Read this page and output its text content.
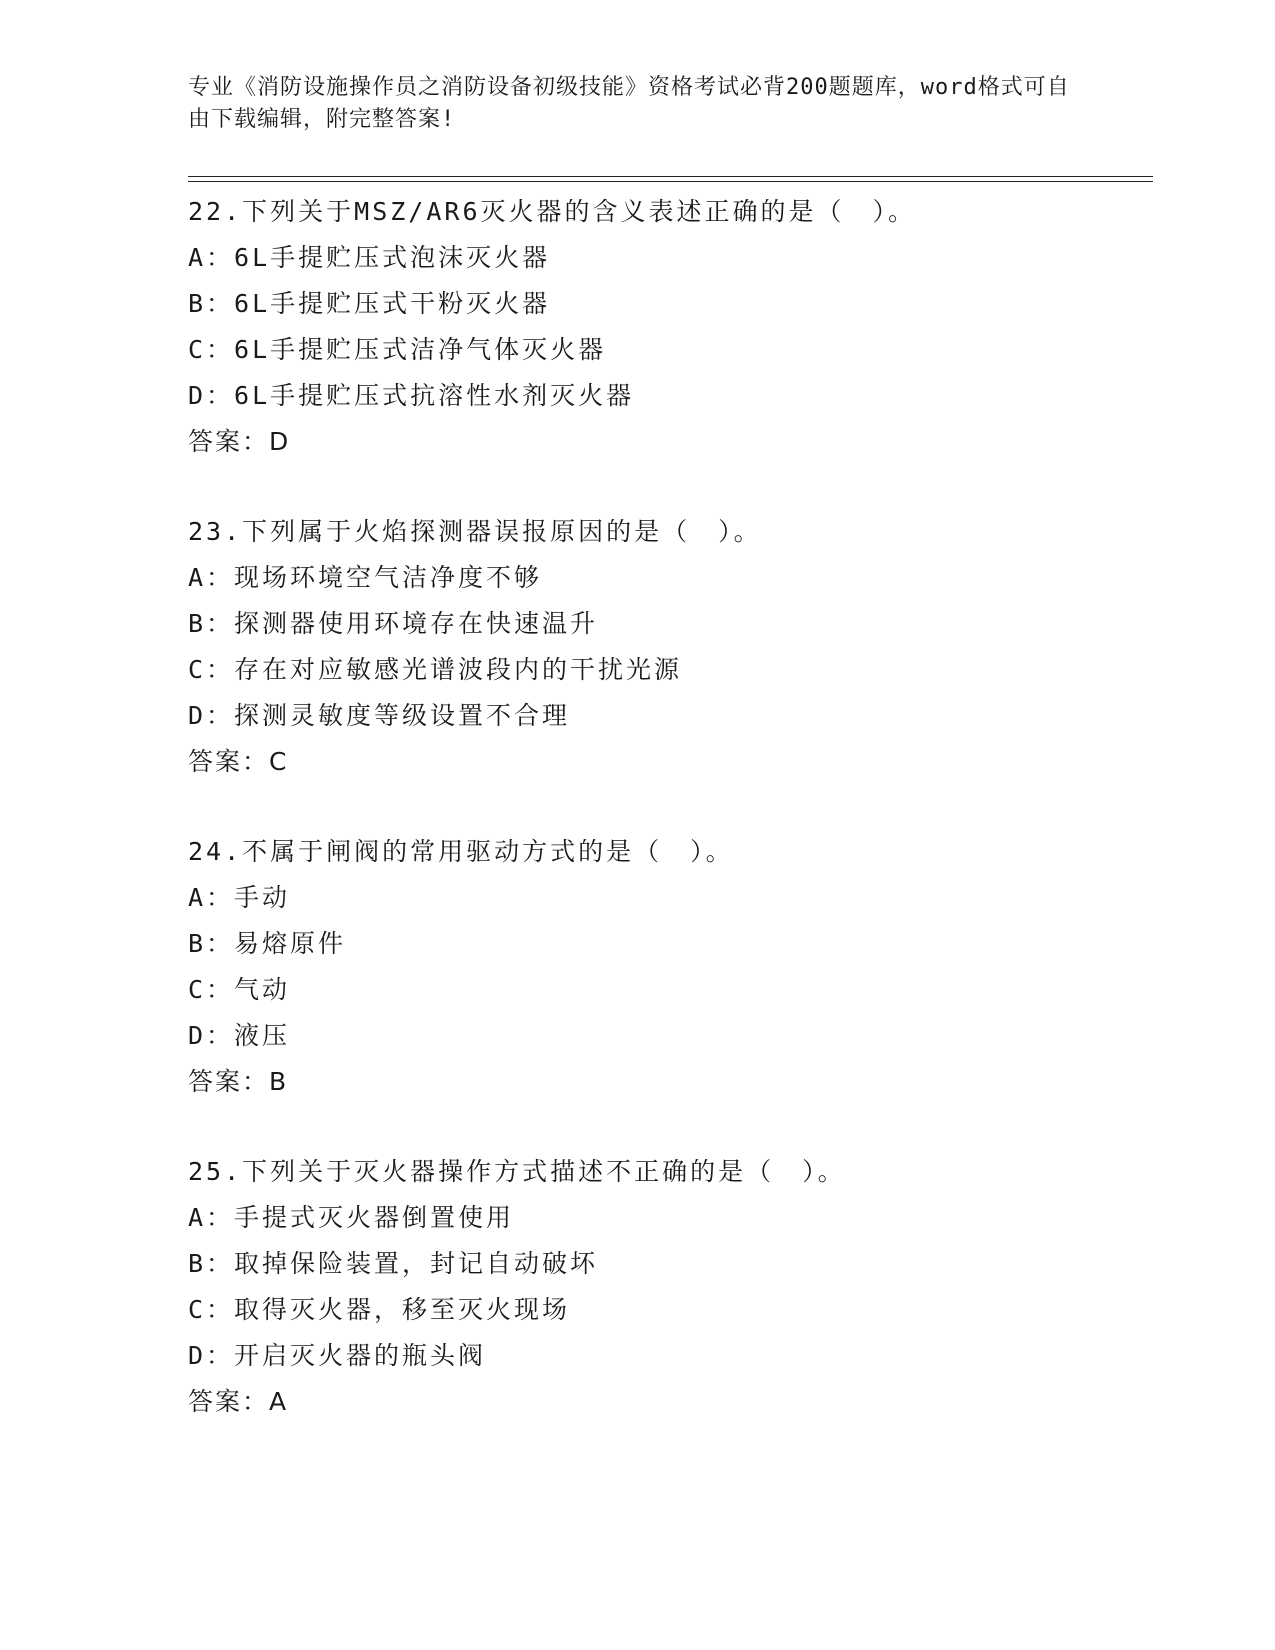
专业《消防设施操作员之消防设备初级技能》资格考试必背200题题库，word格式可自由下载编辑，附完整答案!
22.下列关于MSZ/AR6灭火器的含义表述正确的是（　）。
A：6L手提贮压式泡沫灭火器
B：6L手提贮压式干粉灭火器
C：6L手提贮压式洁净气体灭火器
D：6L手提贮压式抗溶性水剂灭火器
答案：D
23.下列属于火焰探测器误报原因的是（　）。
A：现场环境空气洁净度不够
B：探测器使用环境存在快速温升
C：存在对应敏感光谱波段内的干扰光源
D：探测灵敏度等级设置不合理
答案：C
24.不属于闸阀的常用驱动方式的是（　）。
A：手动
B：易熔原件
C：气动
D：液压
答案：B
25.下列关于灭火器操作方式描述不正确的是（　）。
A：手提式灭火器倒置使用
B：取掉保险装置，封记自动破坏
C：取得灭火器，移至灭火现场
D：开启灭火器的瓶头阀
答案：A
